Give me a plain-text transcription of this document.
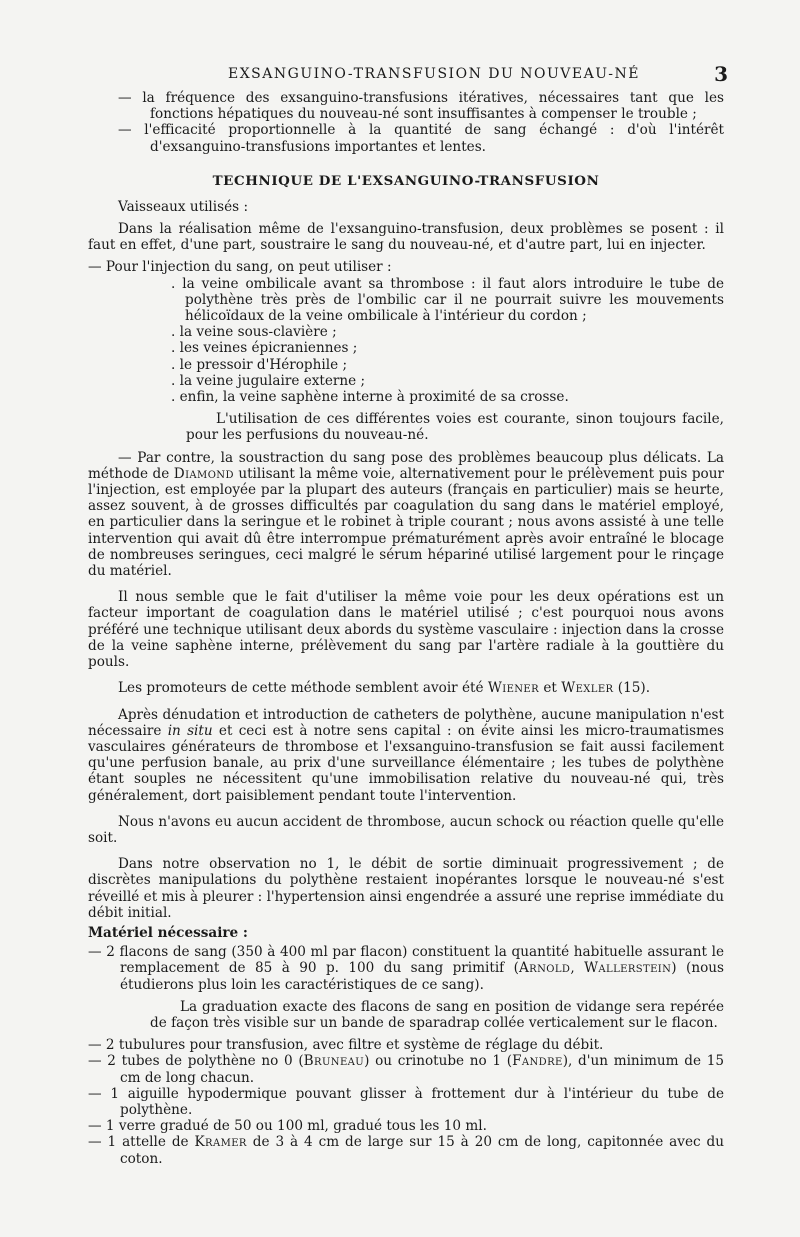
EXSANGUINO-TRANSFUSION DU NOUVEAU-NÉ	3

— la fréquence des exsanguino-transfusions itératives, nécessaires tant que les fonctions hépatiques du nouveau-né sont insuffisantes à compenser le trouble ;

— l'efficacité proportionnelle à la quantité de sang échangé : d'où l'intérêt d'exsanguino-transfusions importantes et lentes.

TECHNIQUE DE L'EXSANGUINO-TRANSFUSION

Vaisseaux utilisés :

Dans la réalisation même de l'exsanguino-transfusion, deux problèmes se posent : il faut en effet, d'une part, soustraire le sang du nouveau-né, et d'autre part, lui en injecter.

— Pour l'injection du sang, on peut utiliser :

. la veine ombilicale avant sa thrombose : il faut alors introduire le tube de polythène très près de l'ombilic car il ne pourrait suivre les mouvements hélicoïdaux de la veine ombilicale à l'intérieur du cordon ;

. la veine sous-clavière ;

. les veines épicraniennes ;

. le pressoir d'Hérophile ;

. la veine jugulaire externe ;

. enfin, la veine saphène interne à proximité de sa crosse.

L'utilisation de ces différentes voies est courante, sinon toujours facile, pour les perfusions du nouveau-né.

— Par contre, la soustraction du sang pose des problèmes beaucoup plus délicats. La méthode de Diamond utilisant la même voie, alternativement pour le prélèvement puis pour l'injection, est employée par la plupart des auteurs (français en particulier) mais se heurte, assez souvent, à de grosses difficultés par coagulation du sang dans le matériel employé, en particulier dans la seringue et le robinet à triple courant ; nous avons assisté à une telle intervention qui avait dû être interrompue prématurément après avoir entraîné le blocage de nombreuses seringues, ceci malgré le sérum hépariné utilisé largement pour le rinçage du matériel.

Il nous semble que le fait d'utiliser la même voie pour les deux opérations est un facteur important de coagulation dans le matériel utilisé ; c'est pourquoi nous avons préféré une technique utilisant deux abords du système vasculaire : injection dans la crosse de la veine saphène interne, prélèvement du sang par l'artère radiale à la gouttière du pouls.

Les promoteurs de cette méthode semblent avoir été Wiener et Wexler (15).

Après dénudation et introduction de catheters de polythène, aucune manipulation n'est nécessaire in situ et ceci est à notre sens capital : on évite ainsi les micro-traumatismes vasculaires générateurs de thrombose et l'exsanguino-transfusion se fait aussi facilement qu'une perfusion banale, au prix d'une surveillance élémentaire ; les tubes de polythène étant souples ne nécessitent qu'une immobilisation relative du nouveau-né qui, très généralement, dort paisiblement pendant toute l'intervention.

Nous n'avons eu aucun accident de thrombose, aucun schock ou réaction quelle qu'elle soit.

Dans notre observation no 1, le débit de sortie diminuait progressivement ; de discrètes manipulations du polythène restaient inopérantes lorsque le nouveau-né s'est réveillé et mis à pleurer : l'hypertension ainsi engendrée a assuré une reprise immédiate du débit initial.

Matériel nécessaire :

— 2 flacons de sang (350 à 400 ml par flacon) constituent la quantité habituelle assurant le remplacement de 85 à 90 p. 100 du sang primitif (Arnold, Wallerstein) (nous étudierons plus loin les caractéristiques de ce sang).

La graduation exacte des flacons de sang en position de vidange sera repérée de façon très visible sur un bande de sparadrap collée verticalement sur le flacon.

— 2 tubulures pour transfusion, avec filtre et système de réglage du débit.

— 2 tubes de polythène no 0 (Bruneau) ou crinotube no 1 (Fandre), d'un minimum de 15 cm de long chacun.

— 1 aiguille hypodermique pouvant glisser à frottement dur à l'intérieur du tube de polythène.

— 1 verre gradué de 50 ou 100 ml, gradué tous les 10 ml.

— 1 attelle de Kramer de 3 à 4 cm de large sur 15 à 20 cm de long, capitonnée avec du coton.
